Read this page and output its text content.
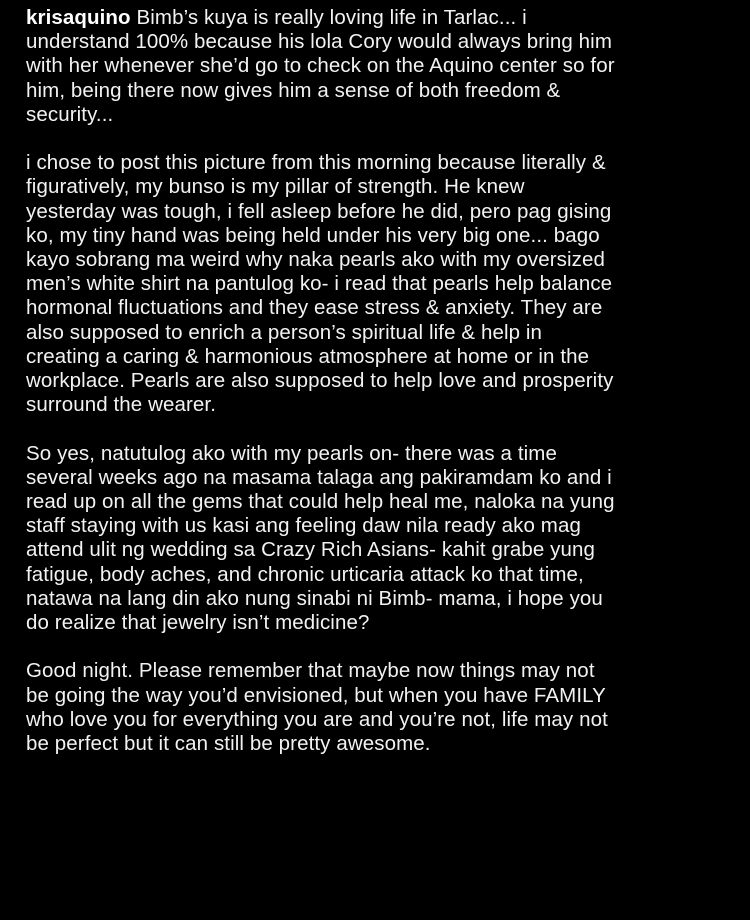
krisaquino Bimb’s kuya is really loving life in Tarlac... i
understand 100% because his lola Cory would always bring him
with her whenever she’d go to check on the Aquino center so for
him, being there now gives him a sense of both freedom &
security...
i chose to post this picture from this morning because literally &
figuratively, my bunso is my pillar of strength. He knew
yesterday was tough, i fell asleep before he did, pero pag gising
ko, my tiny hand was being held under his very big one... bago
kayo sobrang ma weird why naka pearls ako with my oversized
men’s white shirt na pantulog ko- i read that pearls help balance
hormonal fluctuations and they ease stress & anxiety. They are
also supposed to enrich a person’s spiritual life & help in
creating a caring & harmonious atmosphere at home or in the
workplace. Pearls are also supposed to help love and prosperity
surround the wearer.
So yes, natutulog ako with my pearls on- there was a time
several weeks ago na masama talaga ang pakiramdam ko and i
read up on all the gems that could help heal me, naloka na yung
staff staying with us kasi ang feeling daw nila ready ako mag
attend ulit ng wedding sa Crazy Rich Asians- kahit grabe yung
fatigue, body aches, and chronic urticaria attack ko that time,
natawa na lang din ako nung sinabi ni Bimb- mama, i hope you
do realize that jewelry isn’t medicine?
Good night. Please remember that maybe now things may not
be going the way you’d envisioned, but when you have FAMILY
who love you for everything you are and you’re not, life may not
be perfect but it can still be pretty awesome.
